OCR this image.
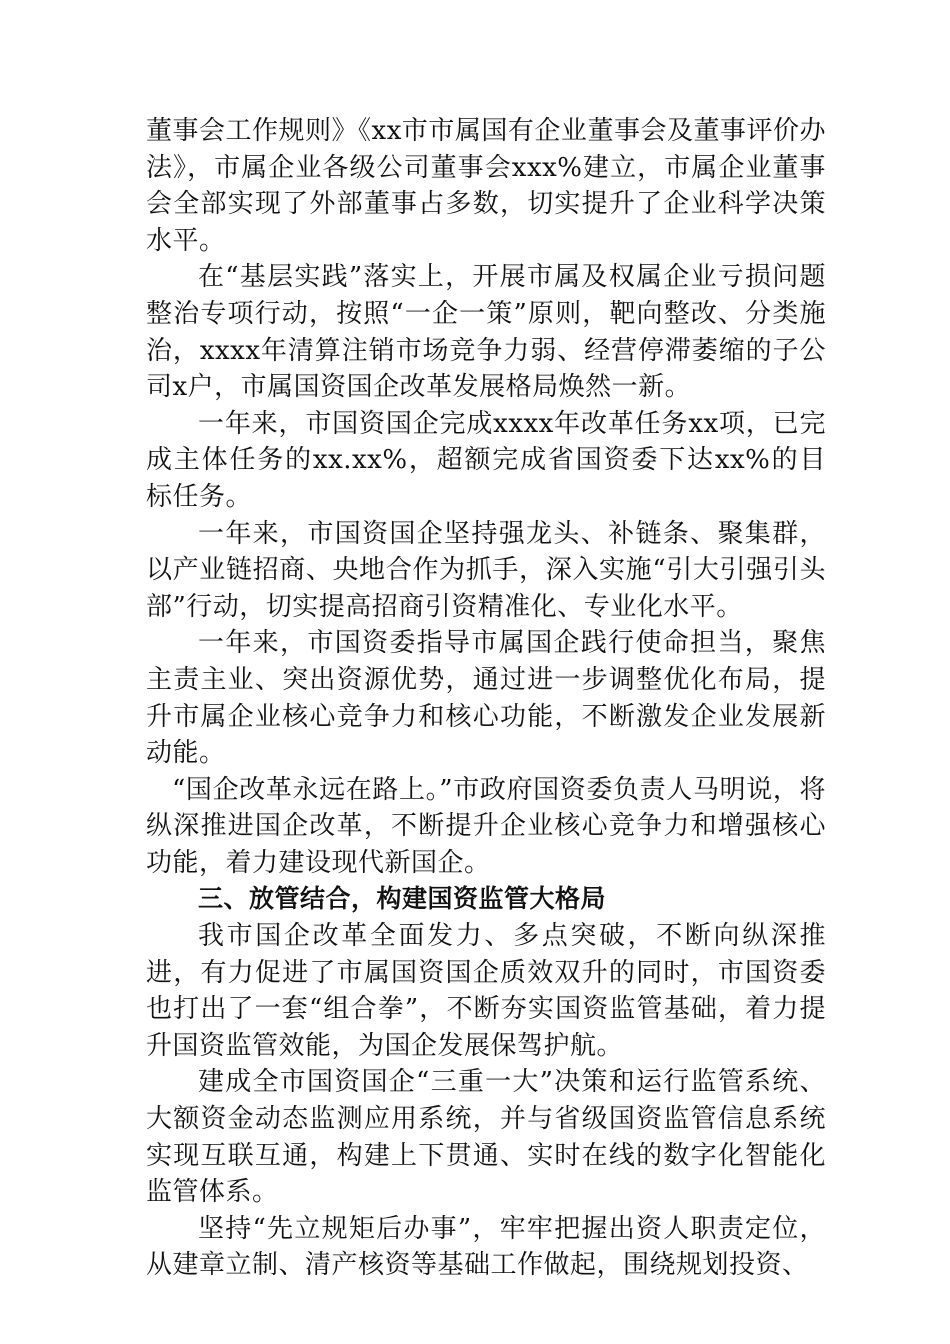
董事会工作规则》《xx市市属国有企业董事会及董事评价办法》，市属企业各级公司董事会xxx%建立，市属企业董事会全部实现了外部董事占多数，切实提升了企业科学决策水平。

在“基层实践”落实上，开展市属及权属企业亏损问题整治专项行动，按照“一企一策”原则，靶向整改、分类施治，xxxx年清算注销市场竞争力弱、经营停滞萎缩的子公司x户，市属国资国企改革发展格局焕然一新。

一年来，市国资国企完成xxxx年改革任务xx项，已完成主体任务的xx.xx%，超额完成省国资委下达xx%的目标任务。

一年来，市国资国企坚持强龙头、补链条、聚集群，以产业链招商、央地合作为抓手，深入实施“引大引强引头部”行动，切实提高招商引资精准化、专业化水平。

一年来，市国资委指导市属国企践行使命担当，聚焦主责主业、突出资源优势，通过进一步调整优化布局，提升市属企业核心竞争力和核心功能，不断激发企业发展新动能。

“国企改革永远在路上。”市政府国资委负责人马明说，将纵深推进国企改革，不断提升企业核心竞争力和增强核心功能，着力建设现代新国企。

三、放管结合，构建国资监管大格局

我市国企改革全面发力、多点突破，不断向纵深推进，有力促进了市属国资国企质效双升的同时，市国资委也打出了一套“组合拳”，不断夯实国资监管基础，着力提升国资监管效能，为国企发展保驾护航。

建成全市国资国企“三重一大”决策和运行监管系统、大额资金动态监测应用系统，并与省级国资监管信息系统实现互联互通，构建上下贯通、实时在线的数字化智能化监管体系。

坚持“先立规矩后办事”，牢牢把握出资人职责定位，从建章立制、清产核资等基础工作做起，围绕规划投资、
